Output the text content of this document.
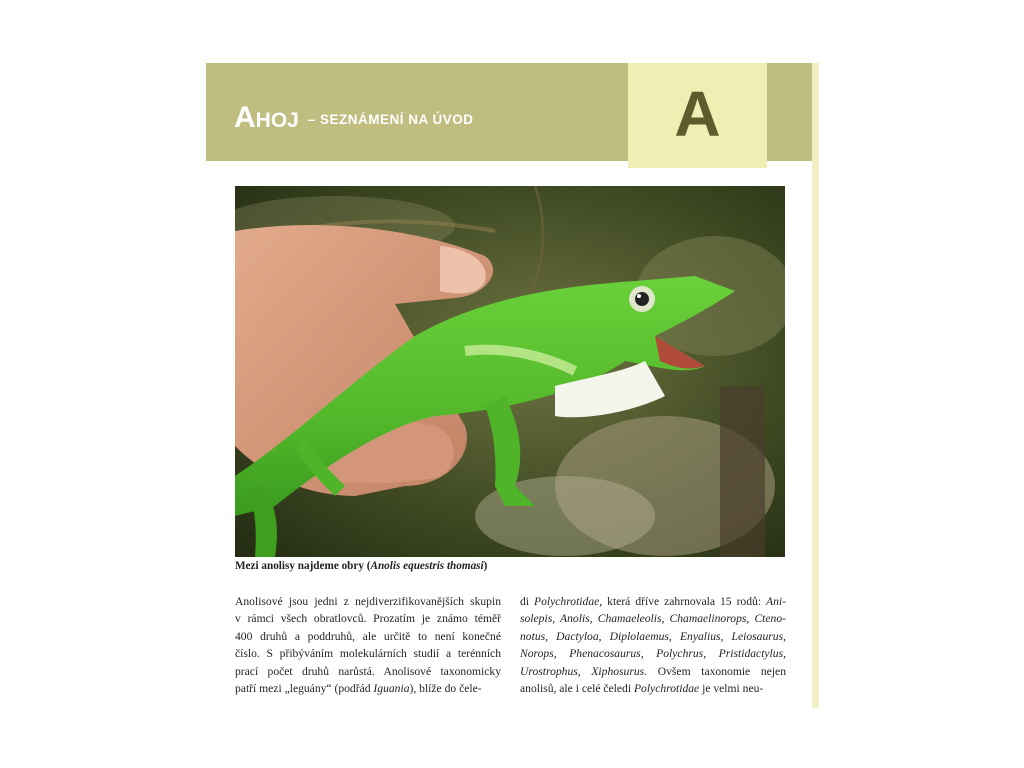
Ahoj – SEZNÁMENÍ NA ÚVOD	A

Mezi anolisy najdeme obry (Anolis equestris thomasi)

Anolisové jsou jedni z nejdiverzifikovanějších skupin
v rámci všech obratlovců. Prozatím je známo téměř
400 druhů a poddruhů, ale určitě to není konečné
číslo. S přibýváním molekulárních studií a terénních
prací počet druhů narůstá. Anolisové taxonomicky
patří mezi „leguány“ (podřád Iguania), blíže do čele-
di Polychrotidae, která dříve zahrnovala 15 rodů: Ani-
solepis, Anolis, Chamaeleolis, Chamaelinorops, Ctenо-
notus, Dactyloa, Diplolaemus, Enyalius, Leiosaurus,
Norops, Phenacosaurus, Polychrus, Pristidactylus,
Urostrophus, Xiphosurus. Ovšem taxonomie nejen
anolisů, ale i celé čeledi Polychrotidae je velmi neu-
